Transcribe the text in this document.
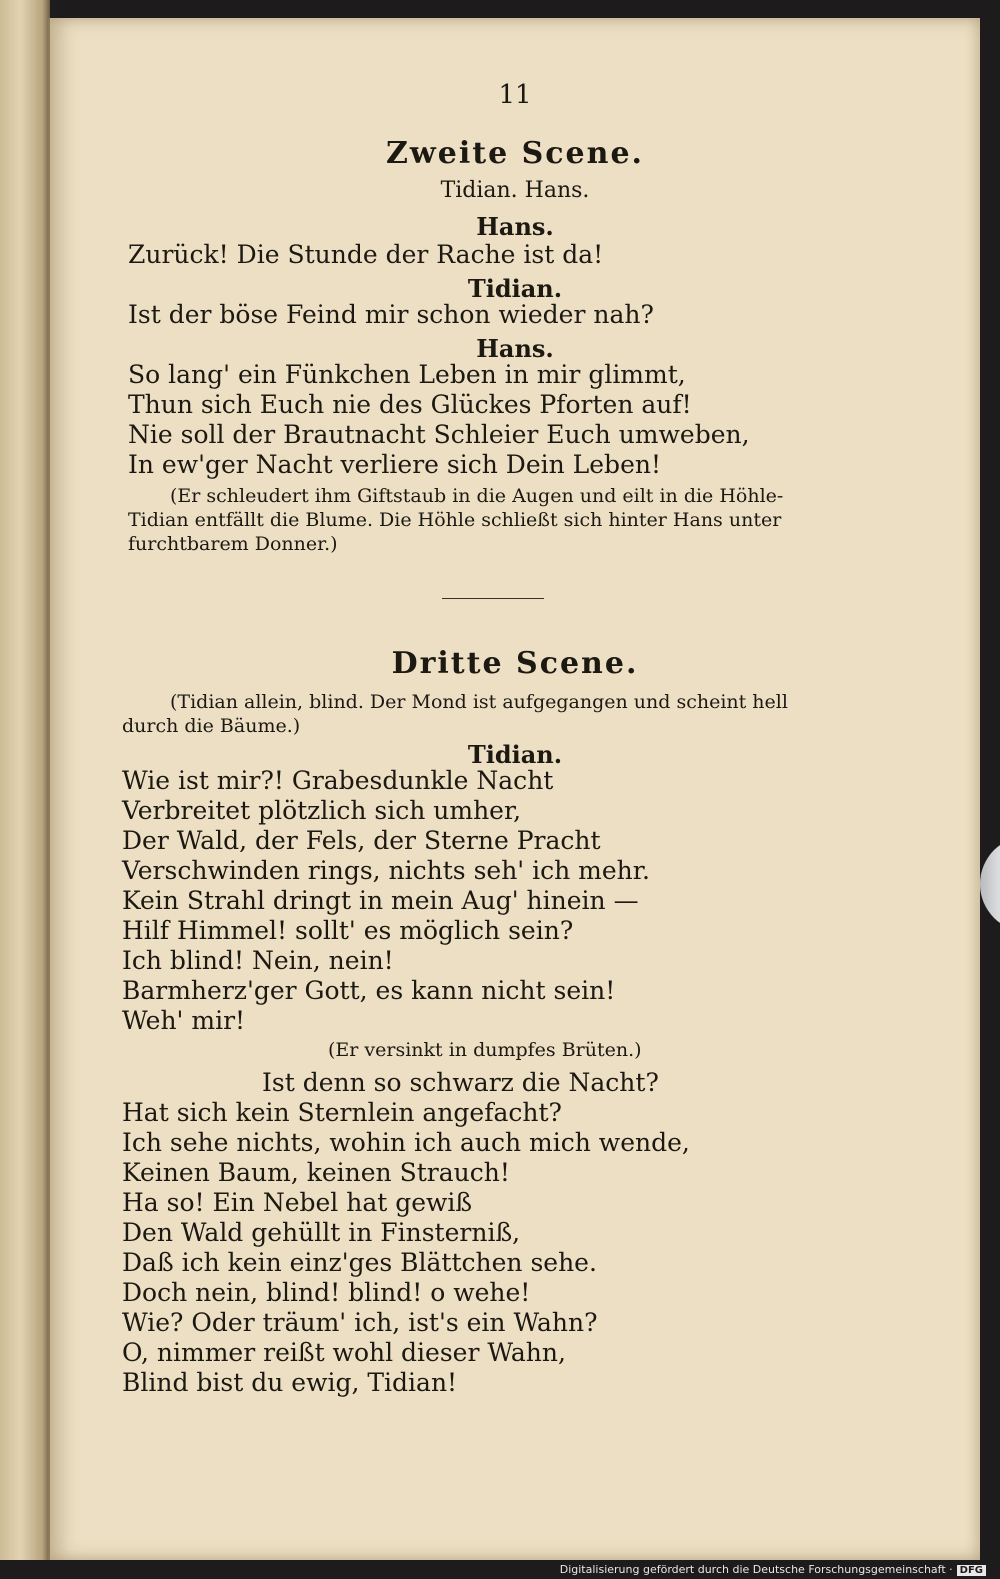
11
Zweite Scene.
Tidian. Hans.
Hans.
Zurück! Die Stunde der Rache ist da!
Tidian.
Ist der böse Feind mir schon wieder nah?
Hans.
So lang' ein Fünkchen Leben in mir glimmt,
Thun sich Euch nie des Glückes Pforten auf!
Nie soll der Brautnacht Schleier Euch umweben,
In ew'ger Nacht verliere sich Dein Leben!
(Er schleudert ihm Giftstaub in die Augen und eilt in die Höhle-
Tidian entfällt die Blume. Die Höhle schließt sich hinter Hans unter
furchtbarem Donner.)
Dritte Scene.
(Tidian allein, blind. Der Mond ist aufgegangen und scheint hell
durch die Bäume.)
Tidian.
Wie ist mir?! Grabesdunkle Nacht
Verbreitet plötzlich sich umher,
Der Wald, der Fels, der Sterne Pracht
Verschwinden rings, nichts seh' ich mehr.
Kein Strahl dringt in mein Aug' hinein —
Hilf Himmel! sollt' es möglich sein?
Ich blind! Nein, nein!
Barmherz'ger Gott, es kann nicht sein!
Weh' mir!
(Er versinkt in dumpfes Brüten.)
Ist denn so schwarz die Nacht?
Hat sich kein Sternlein angefacht?
Ich sehe nichts, wohin ich auch mich wende,
Keinen Baum, keinen Strauch!
Ha so! Ein Nebel hat gewiß
Den Wald gehüllt in Finsterniß,
Daß ich kein einz'ges Blättchen sehe.
Doch nein, blind! blind! o wehe!
Wie? Oder träum' ich, ist's ein Wahn?
O, nimmer reißt wohl dieser Wahn,
Blind bist du ewig, Tidian!
Digitalisierung gefördert durch die Deutsche Forschungsgemeinschaft · DFG
